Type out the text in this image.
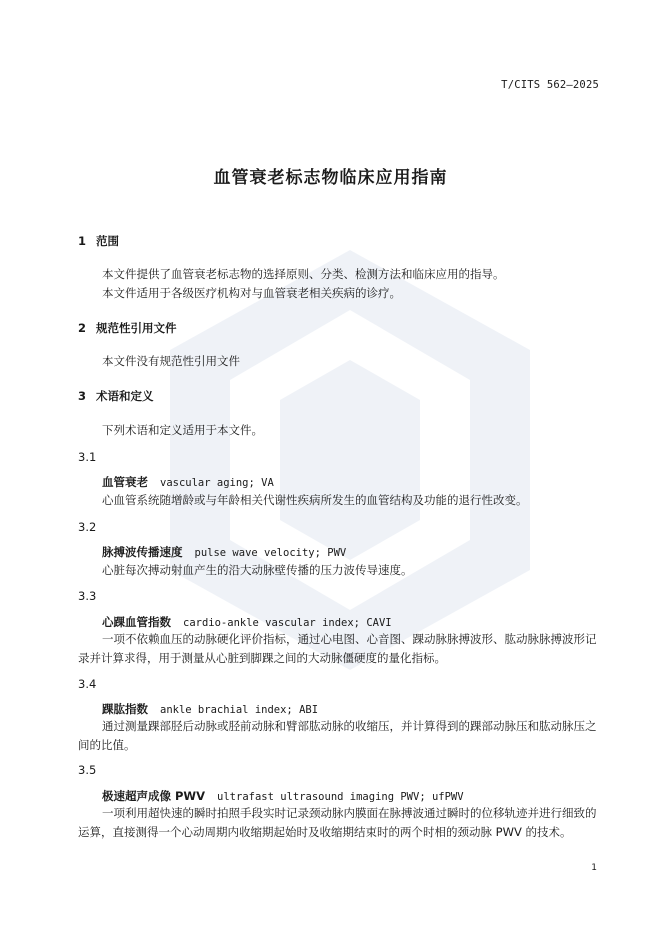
T/CITS 562—2025
血管衰老标志物临床应用指南
1 范围
本文件提供了血管衰老标志物的选择原则、分类、检测方法和临床应用的指导。
本文件适用于各级医疗机构对与血管衰老相关疾病的诊疗。
2 规范性引用文件
本文件没有规范性引用文件
3 术语和定义
下列术语和定义适用于本文件。
3.1
血管衰老 vascular aging; VA
心血管系统随增龄或与年龄相关代谢性疾病所发生的血管结构及功能的退行性改变。
3.2
脉搏波传播速度 pulse wave velocity; PWV
心脏每次搏动射血产生的沿大动脉壁传播的压力波传导速度。
3.3
心踝血管指数 cardio-ankle vascular index; CAVI
一项不依赖血压的动脉硬化评价指标，通过心电图、心音图、踝动脉脉搏波形、肱动脉脉搏波形记录并计算求得，用于测量从心脏到脚踝之间的大动脉僵硬度的量化指标。
3.4
踝肱指数 ankle brachial index; ABI
通过测量踝部胫后动脉或胫前动脉和臂部肱动脉的收缩压，并计算得到的踝部动脉压和肱动脉压之间的比值。
3.5
极速超声成像 PWV ultrafast ultrasound imaging PWV; ufPWV
一项利用超快速的瞬时拍照手段实时记录颈动脉内膜面在脉搏波通过瞬时的位移轨迹并进行细致的运算，直接测得一个心动周期内收缩期起始时及收缩期结束时的两个时相的颈动脉 PWV 的技术。
1
